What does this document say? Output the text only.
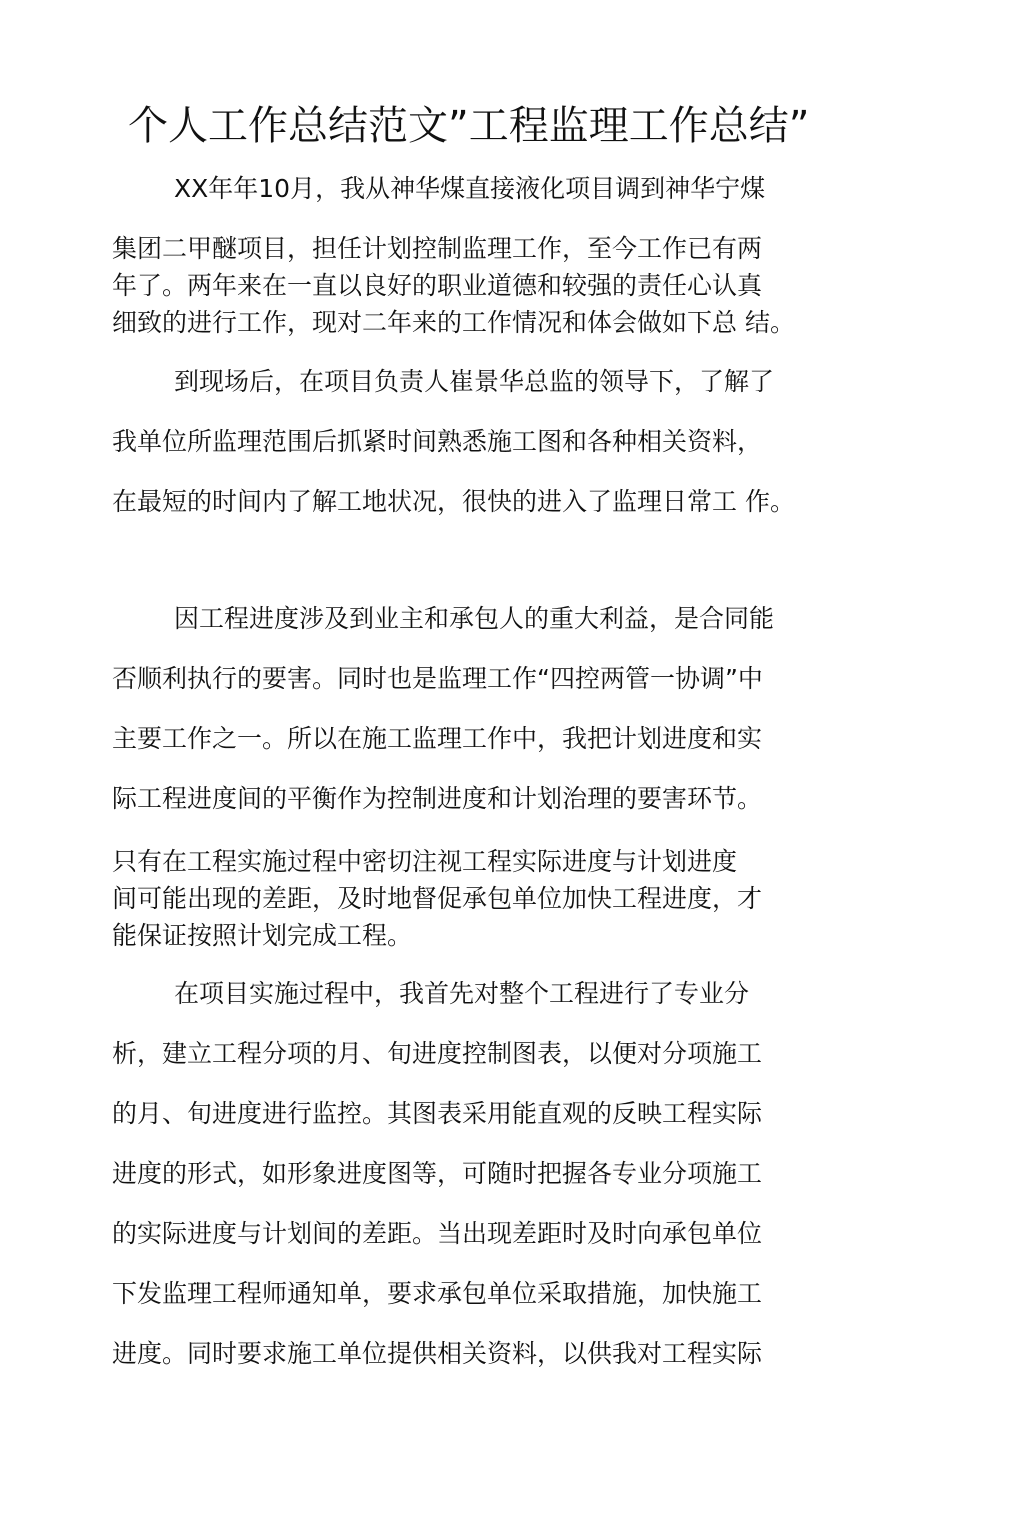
个人工作总结范文”工程监理工作总结”

XX年年10月，我从神华煤直接液化项目调到神华宁煤

集团二甲醚项目，担任计划控制监理工作，至今工作已有两

年了。两年来在一直以良好的职业道德和较强的责任心认真

细致的进行工作，现对二年来的工作情况和体会做如下总 结。

到现场后，在项目负责人崔景华总监的领导下，了解了

我单位所监理范围后抓紧时间熟悉施工图和各种相关资料，

在最短的时间内了解工地状况，很快的进入了监理日常工 作。

因工程进度涉及到业主和承包人的重大利益，是合同能

否顺利执行的要害。同时也是监理工作“四控两管一协调”中

主要工作之一。所以在施工监理工作中，我把计划进度和实

际工程进度间的平衡作为控制进度和计划治理的要害环节。

只有在工程实施过程中密切注视工程实际进度与计划进度

间可能出现的差距，及时地督促承包单位加快工程进度，才

能保证按照计划完成工程。

在项目实施过程中，我首先对整个工程进行了专业分

析，建立工程分项的月、旬进度控制图表，以便对分项施工

的月、旬进度进行监控。其图表采用能直观的反映工程实际

进度的形式，如形象进度图等，可随时把握各专业分项施工

的实际进度与计划间的差距。当出现差距时及时向承包单位

下发监理工程师通知单，要求承包单位采取措施，加快施工

进度。同时要求施工单位提供相关资料，以供我对工程实际
